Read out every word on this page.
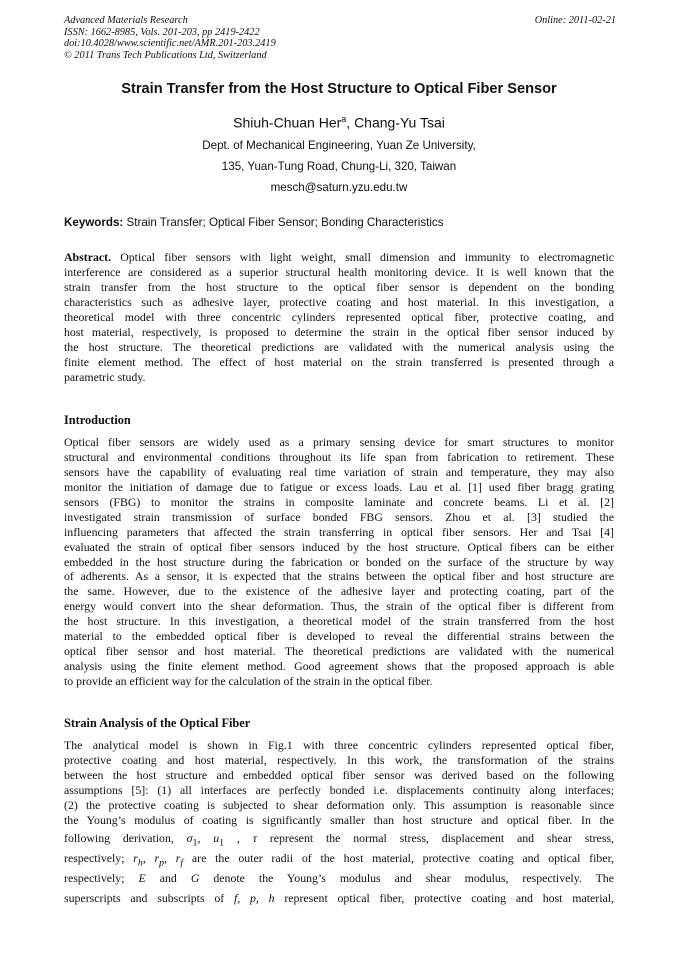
Advanced Materials Research
ISSN: 1662-8985, Vols. 201-203, pp 2419-2422
doi:10.4028/www.scientific.net/AMR.201-203.2419
© 2011 Trans Tech Publications Ltd, Switzerland
Online: 2011-02-21
Strain Transfer from the Host Structure to Optical Fiber Sensor
Shiuh-Chuan Her$^a$, Chang-Yu Tsai
Dept. of Mechanical Engineering, Yuan Ze University,
135, Yuan-Tung Road, Chung-Li, 320, Taiwan
mesch@saturn.yzu.edu.tw
Keywords: Strain Transfer; Optical Fiber Sensor; Bonding Characteristics
Abstract. Optical fiber sensors with light weight, small dimension and immunity to electromagnetic
interference are considered as a superior structural health monitoring device. It is well known that the
strain transfer from the host structure to the optical fiber sensor is dependent on the bonding
characteristics such as adhesive layer, protective coating and host material. In this investigation, a
theoretical model with three concentric cylinders represented optical fiber, protective coating, and
host material, respectively, is proposed to determine the strain in the optical fiber sensor induced by
the host structure. The theoretical predictions are validated with the numerical analysis using the
finite element method. The effect of host material on the strain transferred is presented through a
parametric study.
Introduction
Optical fiber sensors are widely used as a primary sensing device for smart structures to monitor
structural and environmental conditions throughout its life span from fabrication to retirement. These
sensors have the capability of evaluating real time variation of strain and temperature, they may also
monitor the initiation of damage due to fatigue or excess loads. Lau et al. [1] used fiber bragg grating
sensors (FBG) to monitor the strains in composite laminate and concrete beams. Li et al. [2]
investigated strain transmission of surface bonded FBG sensors. Zhou et al. [3] studied the
influencing parameters that affected the strain transferring in optical fiber sensors. Her and Tsai [4]
evaluated the strain of optical fiber sensors induced by the host structure. Optical fibers can be either
embedded in the host structure during the fabrication or bonded on the surface of the structure by way
of adherents. As a sensor, it is expected that the strains between the optical fiber and host structure are
the same. However, due to the existence of the adhesive layer and protecting coating, part of the
energy would convert into the shear deformation. Thus, the strain of the optical fiber is different from
the host structure. In this investigation, a theoretical model of the strain transferred from the host
material to the embedded optical fiber is developed to reveal the differential strains between the
optical fiber sensor and host material. The theoretical predictions are validated with the numerical
analysis using the finite element method. Good agreement shows that the proposed approach is able
to provide an efficient way for the calculation of the strain in the optical fiber.
Strain Analysis of the Optical Fiber
The analytical model is shown in Fig.1 with three concentric cylinders represented optical fiber,
protective coating and host material, respectively. In this work, the transformation of the strains
between the host structure and embedded optical fiber sensor was derived based on the following
assumptions [5]: (1) all interfaces are perfectly bonded i.e. displacements continuity along interfaces;
(2) the protective coating is subjected to shear deformation only. This assumption is reasonable since
the Young’s modulus of coating is significantly smaller than host structure and optical fiber. In the
following derivation, $\sigma_1$, $u_1$ , τ represent the normal stress, displacement and shear stress,
respectively; $r_h$, $r_p$, $r_f$ are the outer radii of the host material, protective coating and optical fiber,
respectively; E and G denote the Young’s modulus and shear modulus, respectively. The
superscripts and subscripts of f, p, h represent optical fiber, protective coating and host material,
